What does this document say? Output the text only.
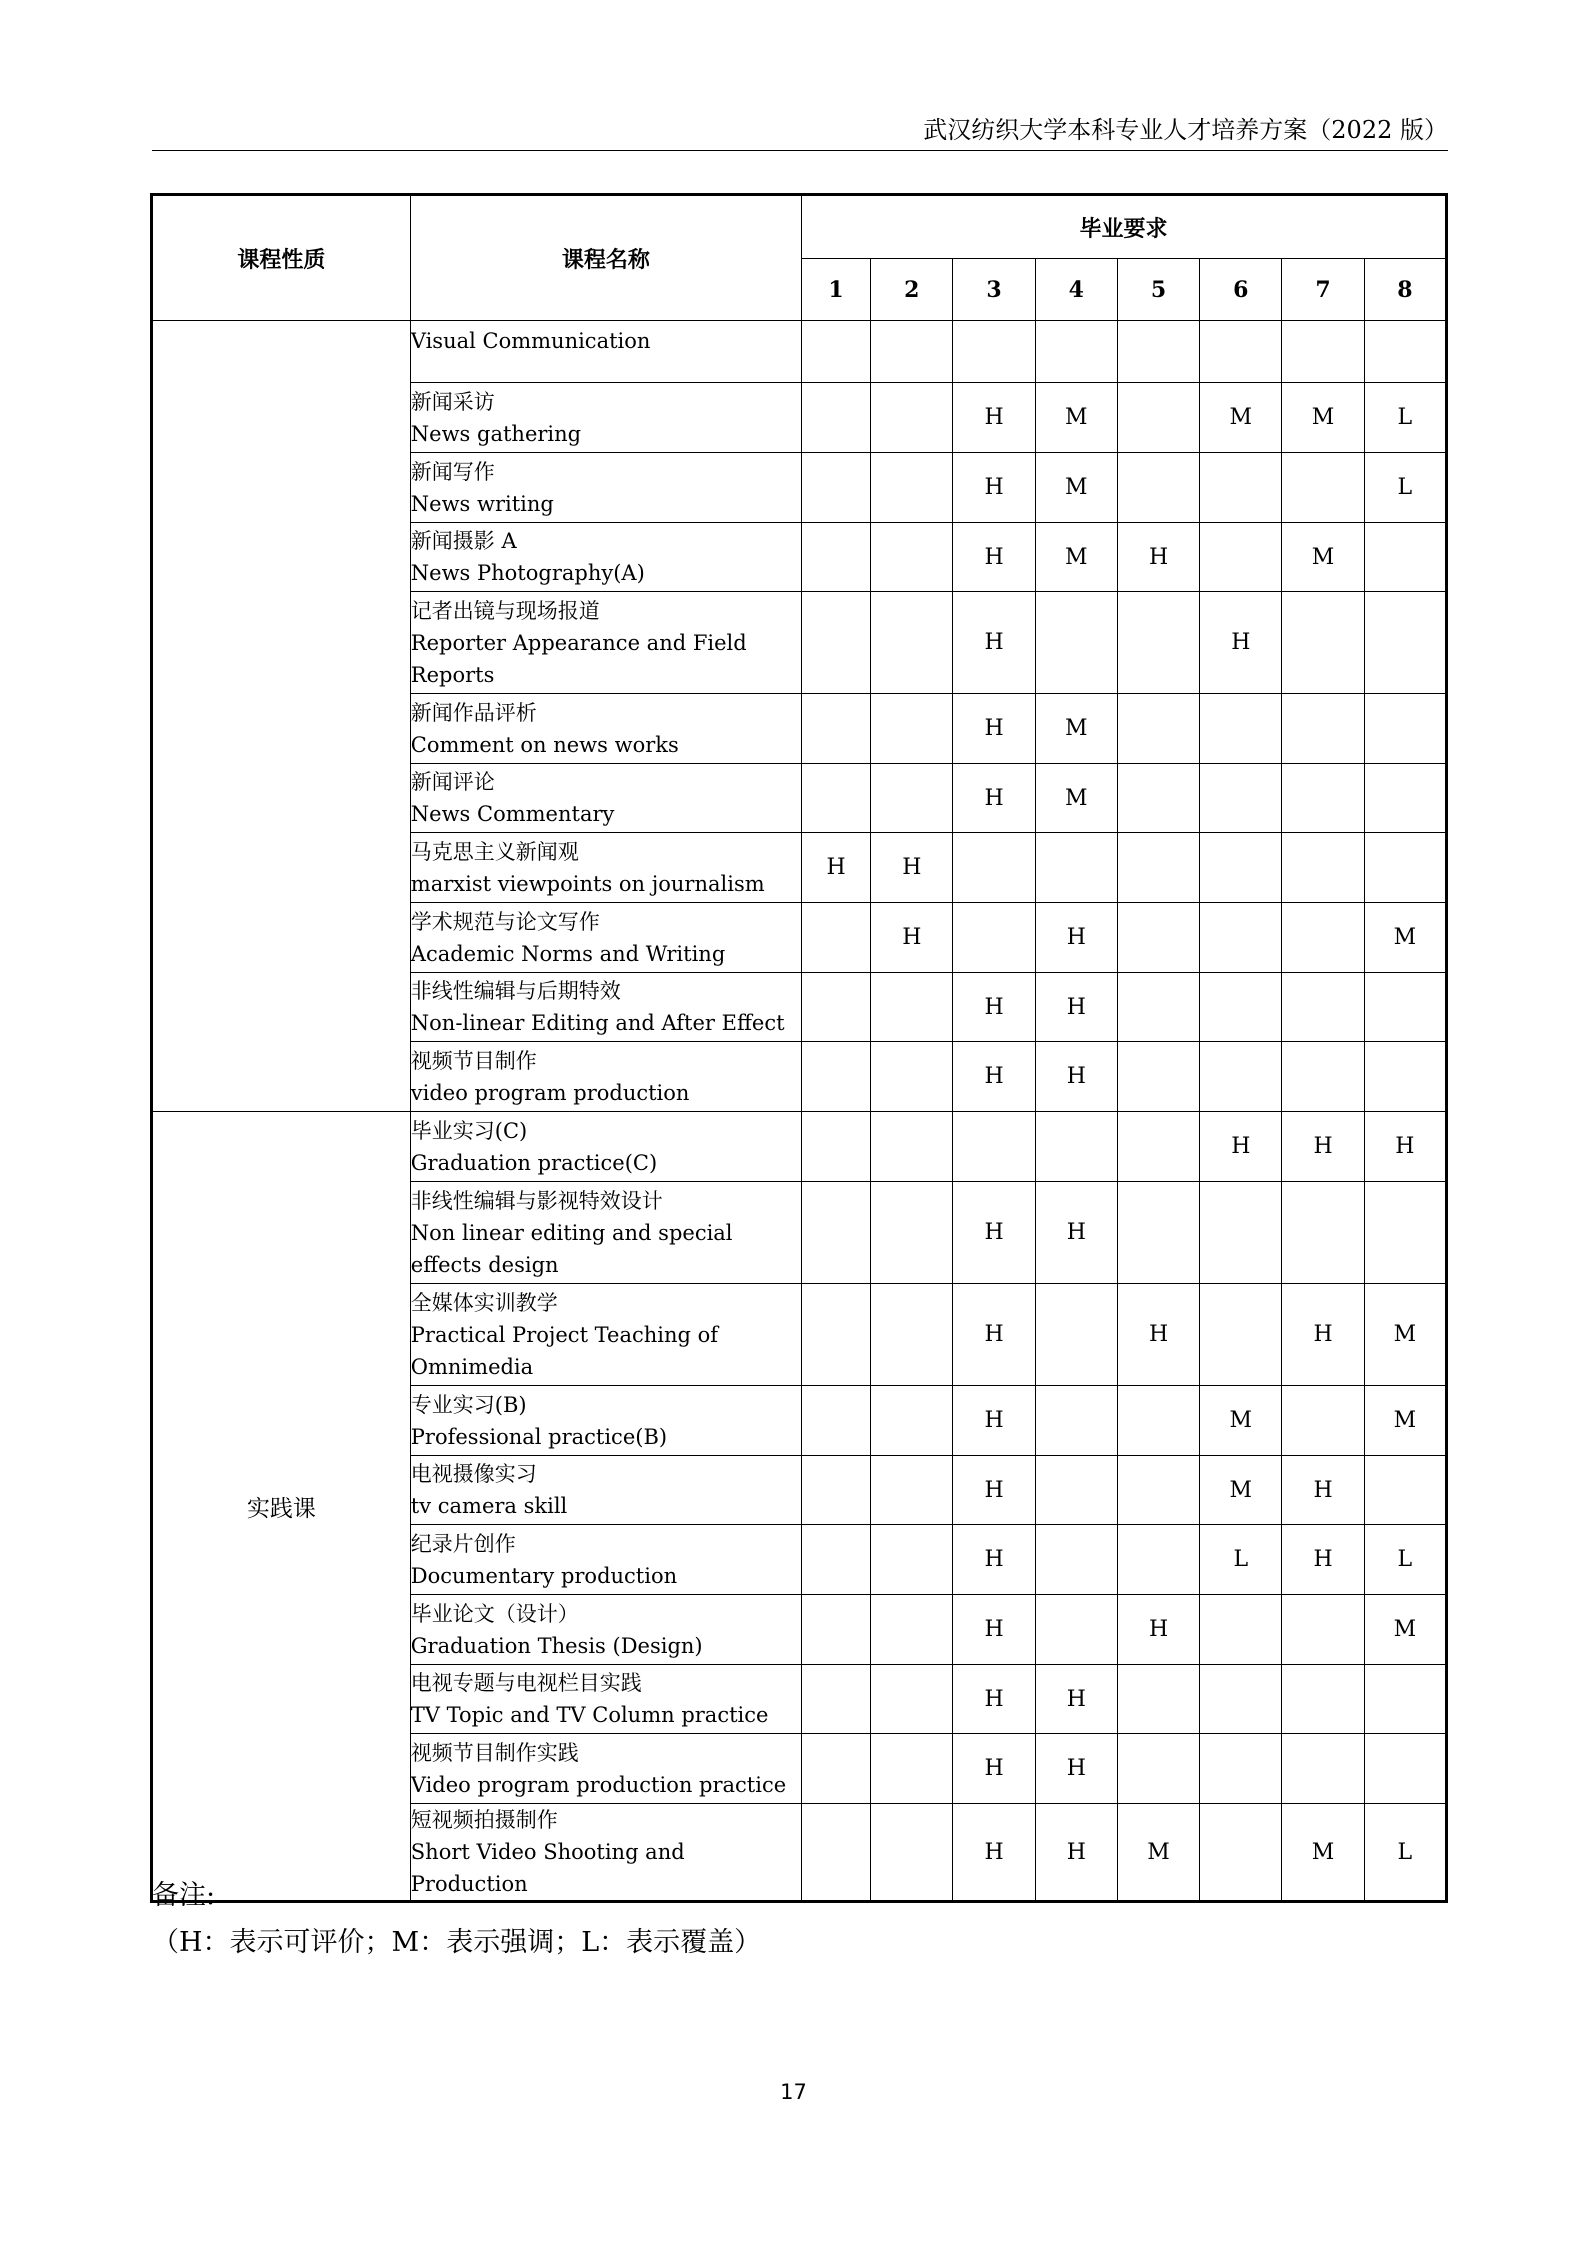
武汉纺织大学本科专业人才培养方案（2022 版）
课程性质	课程名称	毕业要求							
		1	2	3	4	5	6	7	8

	Visual Communication								

	新闻采访
News gathering			H	M		M	M	L

	新闻写作
News writing			H	M				L

	新闻摄影 A
News Photography(A)			H	M	H		M	

	记者出镜与现场报道
Reporter Appearance and Field Reports			H			H		

	新闻作品评析
Comment on news works			H	M				

	新闻评论
News Commentary			H	M				

	马克思主义新闻观
marxist viewpoints on journalism	H	H						

	学术规范与论文写作
Academic Norms and Writing		H		H				M

	非线性编辑与后期特效
Non-linear Editing and After Effect			H	H				

	视频节目制作
video program production			H	H				
实践课	毕业实习(C)
Graduation practice(C)						H	H	H

	非线性编辑与影视特效设计
Non linear editing and special effects design			H	H				

	全媒体实训教学
Practical Project Teaching of Omnimedia			H		H		H	M

	专业实习(B)
Professional practice(B)			H			M		M

	电视摄像实习
tv camera skill			H			M	H	

	纪录片创作
Documentary production			H			L	H	L

	毕业论文（设计）
Graduation Thesis (Design)			H		H			M

	电视专题与电视栏目实践
TV Topic and TV Column practice			H	H				

	视频节目制作实践
Video program production practice			H	H				

	短视频拍摄制作
Short Video Shooting and Production			H	H	M		M	L
备注:
（H：表示可评价；M：表示强调；L：表示覆盖）
17
